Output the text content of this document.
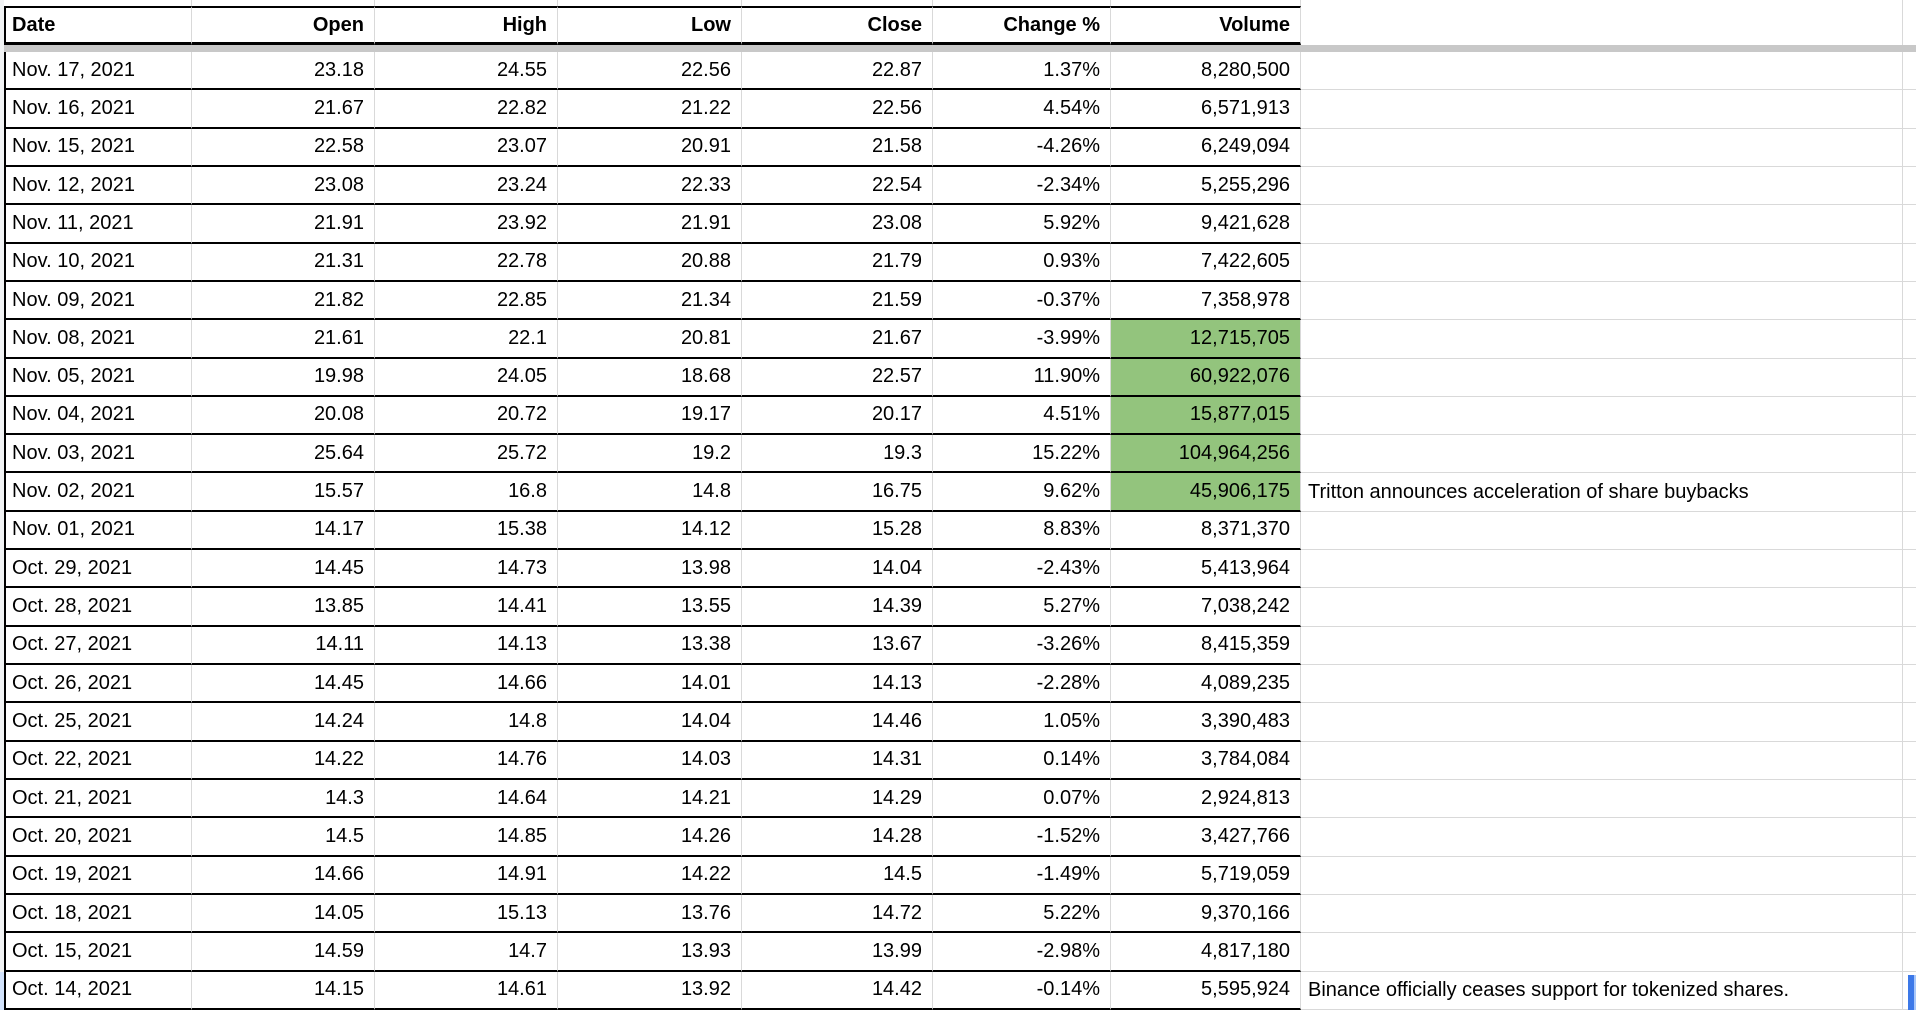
Date	Open	High	Low	Close	Change %	Volume
Nov. 17, 2021	23.18	24.55	22.56	22.87	1.37%	8,280,500
Nov. 16, 2021	21.67	22.82	21.22	22.56	4.54%	6,571,913
Nov. 15, 2021	22.58	23.07	20.91	21.58	-4.26%	6,249,094
Nov. 12, 2021	23.08	23.24	22.33	22.54	-2.34%	5,255,296
Nov. 11, 2021	21.91	23.92	21.91	23.08	5.92%	9,421,628
Nov. 10, 2021	21.31	22.78	20.88	21.79	0.93%	7,422,605
Nov. 09, 2021	21.82	22.85	21.34	21.59	-0.37%	7,358,978
Nov. 08, 2021	21.61	22.1	20.81	21.67	-3.99%	12,715,705
Nov. 05, 2021	19.98	24.05	18.68	22.57	11.90%	60,922,076
Nov. 04, 2021	20.08	20.72	19.17	20.17	4.51%	15,877,015
Nov. 03, 2021	25.64	25.72	19.2	19.3	15.22%	104,964,256
Nov. 02, 2021	15.57	16.8	14.8	16.75	9.62%	45,906,175 Tritton announces acceleration of share buybacks
Nov. 01, 2021	14.17	15.38	14.12	15.28	8.83%	8,371,370
Oct. 29, 2021	14.45	14.73	13.98	14.04	-2.43%	5,413,964
Oct. 28, 2021	13.85	14.41	13.55	14.39	5.27%	7,038,242
Oct. 27, 2021	14.11	14.13	13.38	13.67	-3.26%	8,415,359
Oct. 26, 2021	14.45	14.66	14.01	14.13	-2.28%	4,089,235
Oct. 25, 2021	14.24	14.8	14.04	14.46	1.05%	3,390,483
Oct. 22, 2021	14.22	14.76	14.03	14.31	0.14%	3,784,084
Oct. 21, 2021	14.3	14.64	14.21	14.29	0.07%	2,924,813
Oct. 20, 2021	14.5	14.85	14.26	14.28	-1.52%	3,427,766
Oct. 19, 2021	14.66	14.91	14.22	14.5	-1.49%	5,719,059
Oct. 18, 2021	14.05	15.13	13.76	14.72	5.22%	9,370,166
Oct. 15, 2021	14.59	14.7	13.93	13.99	-2.98%	4,817,180
Oct. 14, 2021	14.15	14.61	13.92	14.42	-0.14%	5,595,924 Binance officially ceases support for tokenized shares.
